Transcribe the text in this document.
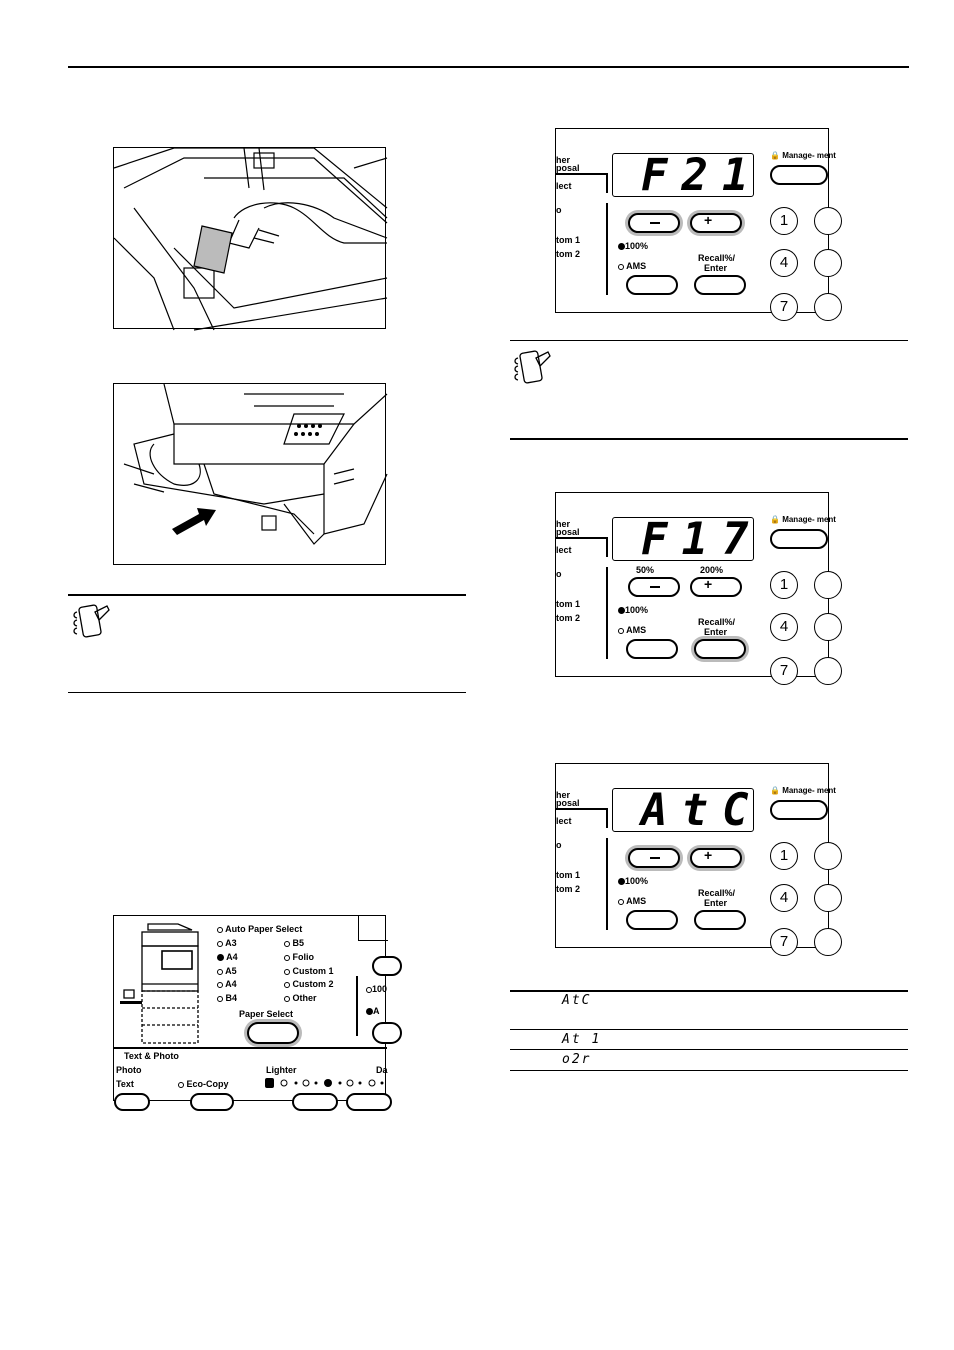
Auto Paper Select
A3
A4
A5
A4
B4
B5
Folio
Custom 1
Custom 2
Other
Paper Select
100
A
Text & Photo
Photo
Text	Eco-Copy
Lighter	Da
her
posal
lect
o
tom 1
tom 2
F21
+
100%
AMS
Recall%/
Enter
🔒 Manage- ment
1
4
7
her
posal
lect
o
tom 1
tom 2
F17
50%	200%
+
100%
AMS
Recall%/
Enter
🔒 Manage- ment
1
4
7
her
posal
lect
o
tom 1
tom 2
AtC
+
100%
AMS
Recall%/
Enter
🔒 Manage- ment
1
4
7
AtC
At 1
o2r
